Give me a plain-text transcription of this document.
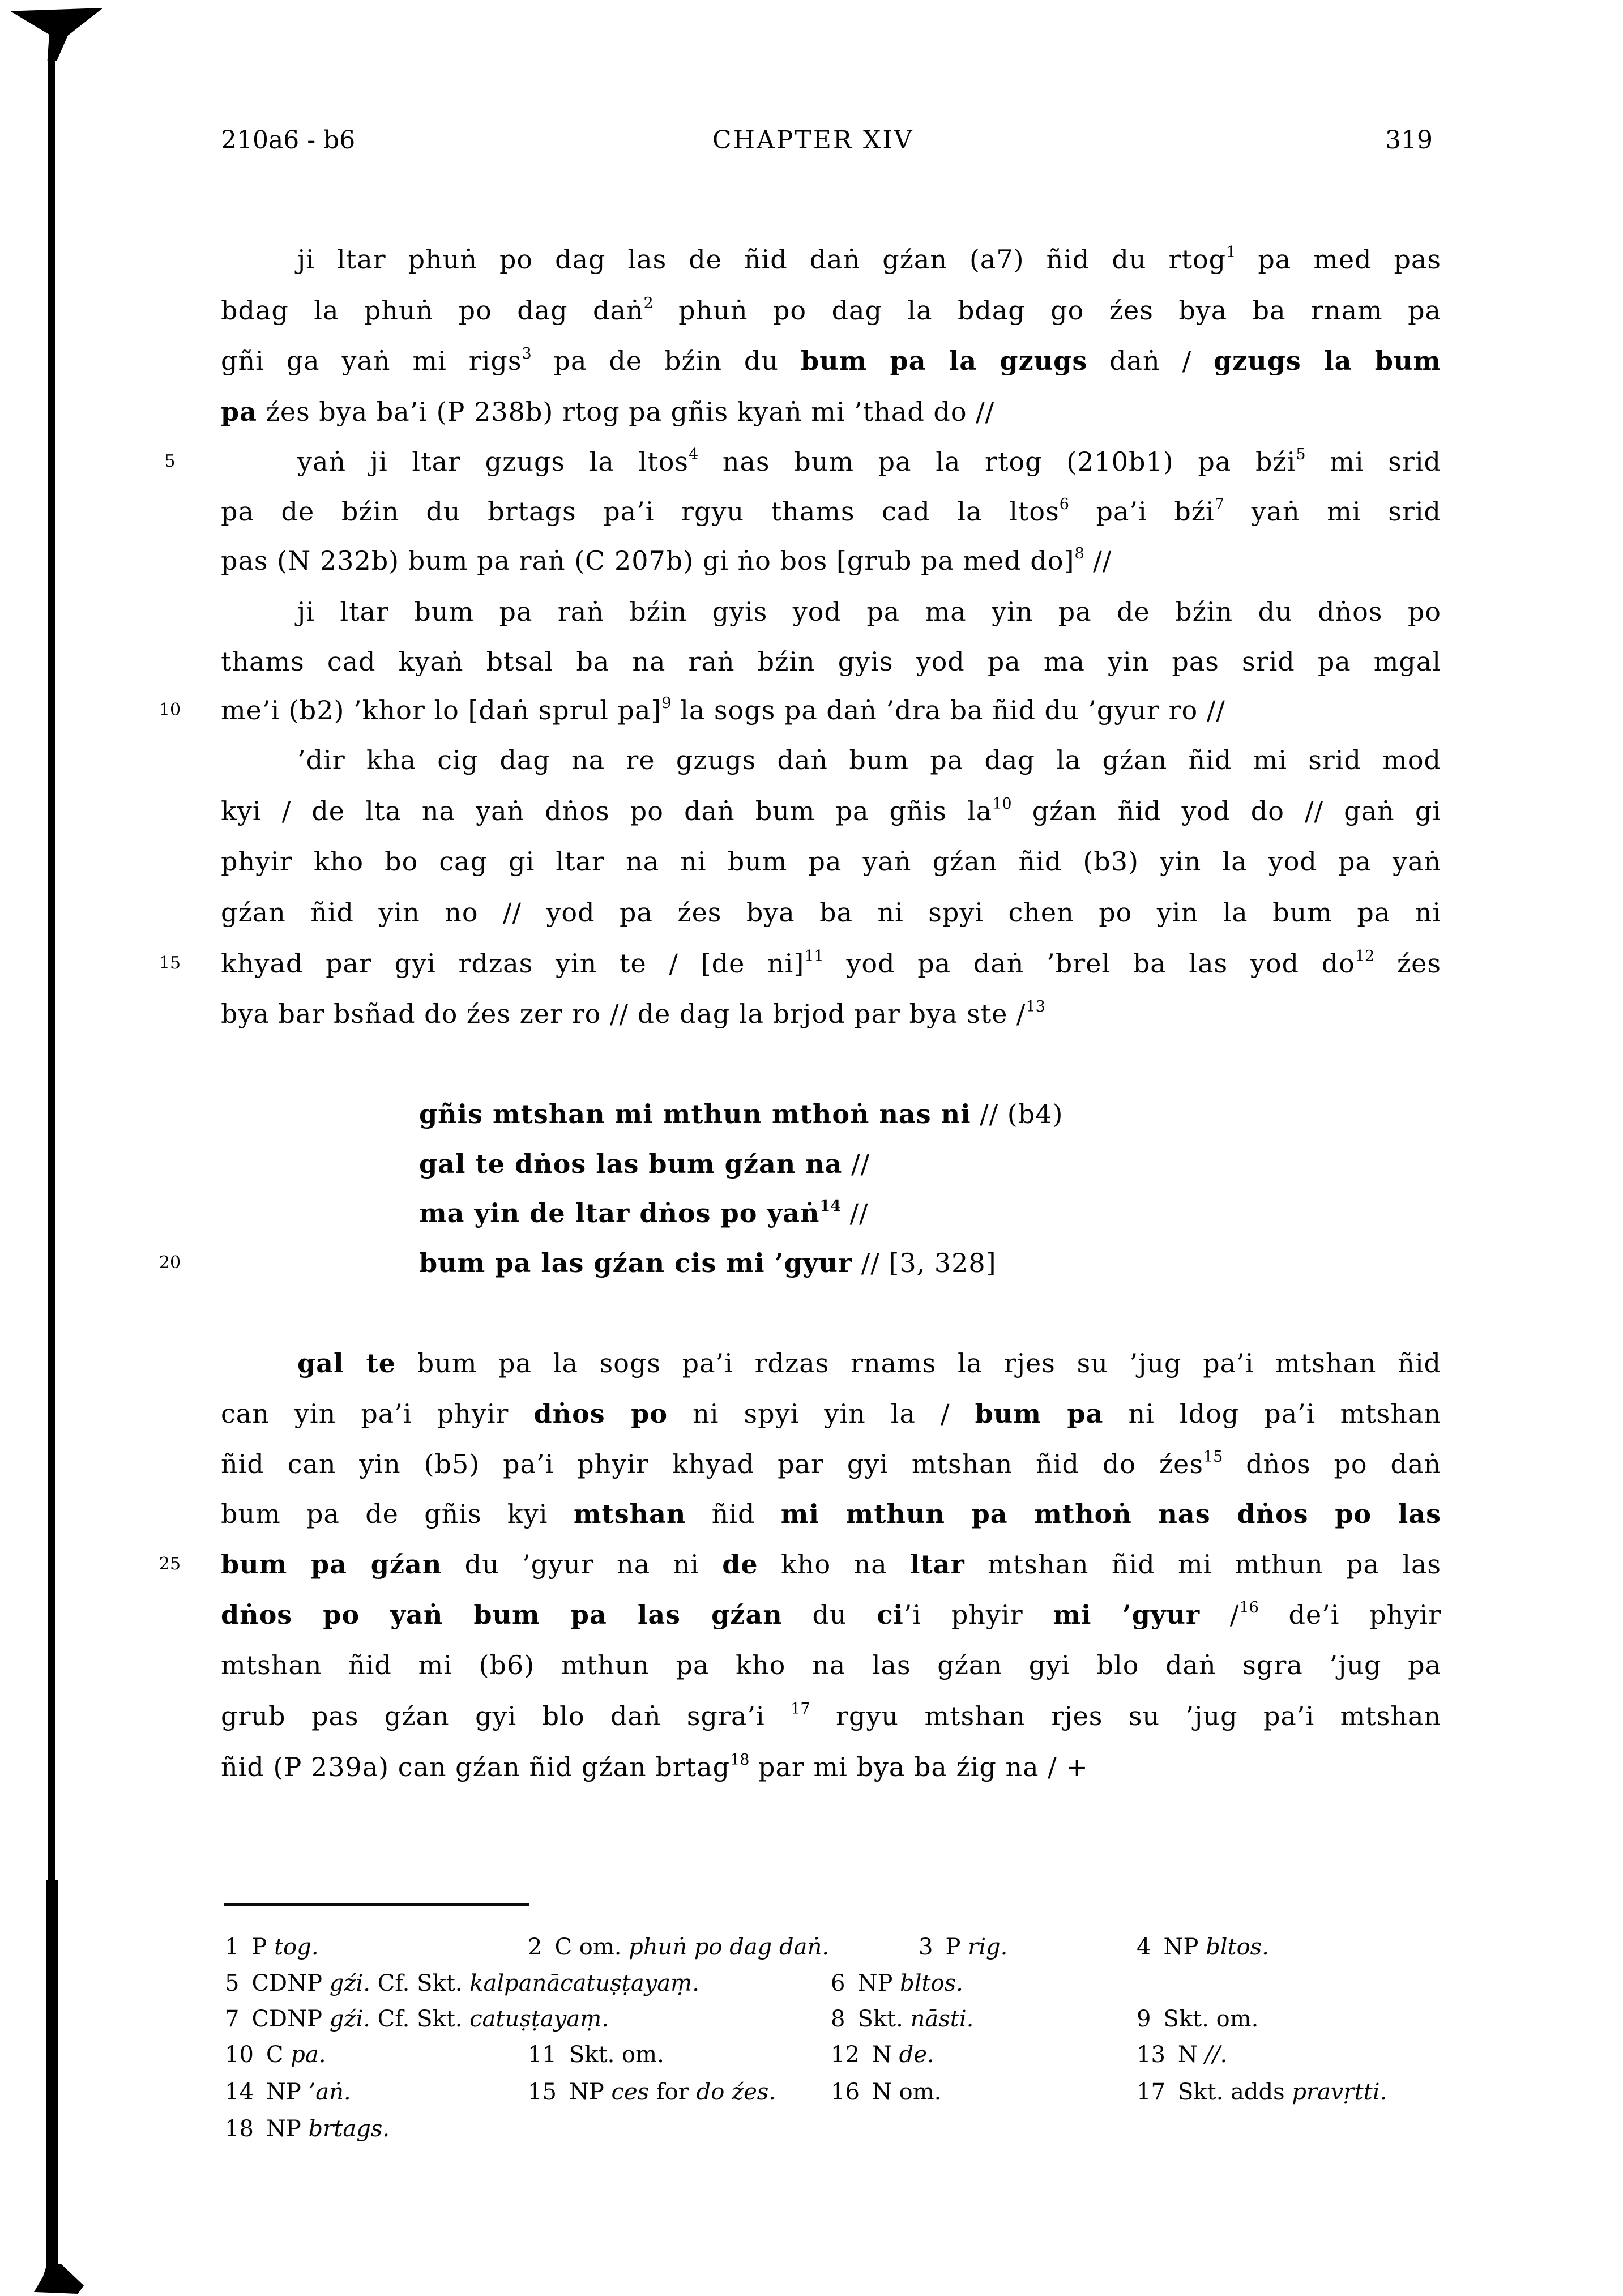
210a6 - b6	CHAPTER XIV	319
5
10
15
20
25
ji ltar phuṅ po dag las de ñid daṅ gźan (a7) ñid du rtog$^1$ pa med pas
bdag la phuṅ po dag daṅ$^2$ phuṅ po dag la bdag go źes bya ba rnam pa
gñi ga yaṅ mi rigs$^3$ pa de bźin du bum pa la gzugs daṅ / gzugs la bum
pa źes bya ba’i (P 238b) rtog pa gñis kyaṅ mi ’thad do //
yaṅ ji ltar gzugs la ltos$^4$ nas bum pa la rtog (210b1) pa bźi$^5$ mi srid
pa de bźin du brtags pa’i rgyu thams cad la ltos$^6$ pa’i bźi$^7$ yaṅ mi srid
pas (N 232b) bum pa raṅ (C 207b) gi ṅo bos [grub pa med do]$^8$ //
ji ltar bum pa raṅ bźin gyis yod pa ma yin pa de bźin du dṅos po
thams cad kyaṅ btsal ba na raṅ bźin gyis yod pa ma yin pas srid pa mgal
me’i (b2) ’khor lo [daṅ sprul pa]$^9$ la sogs pa daṅ ’dra ba ñid du ’gyur ro //
’dir kha cig dag na re gzugs daṅ bum pa dag la gźan ñid mi srid mod
kyi / de lta na yaṅ dṅos po daṅ bum pa gñis $la^{10}$ gźan ñid yod do // gaṅ gi
phyir kho bo cag gi ltar na ni bum pa yaṅ gźan ñid (b3) yin la yod pa yaṅ
gźan ñid yin no // yod pa źes bya ba ni spyi chen po yin la bum pa ni
khyad par gyi rdzas yin te / [de ni]$^{11}$ yod pa daṅ ’brel ba las yod $do^{12}$ źes
bya bar bsñad do źes zer ro // de dag la brjod par bya ste /$^{13}$
gñis mtshan mi mthun mthoṅ nas ni // (b4)
gal te dṅos las bum gźan na //
ma yin de ltar dṅos po yaṅ$^{14}$ //
bum pa las gźan cis mi ’gyur // [3, 328]
gal te bum pa la sogs pa’i rdzas rnams la rjes su ’jug pa’i mtshan ñid
can yin pa’i phyir dṅos po ni spyi yin la / bum pa ni ldog pa’i mtshan
ñid can yin (b5) pa’i phyir khyad par gyi mtshan ñid do źes$^{15}$ dṅos po daṅ
bum pa de gñis kyi mtshan ñid mi mthun pa mthoṅ nas dṅos po las
bum pa gźan du ’gyur na ni de kho na ltar mtshan ñid mi mthun pa las
dṅos po yaṅ bum pa las gźan du ci’i phyir mi ’gyur /$^{16}$ de’i phyir
mtshan ñid mi (b6) mthun pa kho na las gźan gyi blo daṅ sgra ’jug pa
grub pas gźan gyi blo daṅ sgra’i $^{17}$ rgyu mtshan rjes su ’jug pa’i mtshan
ñid (P 239a) can gźan ñid gźan brtag$^{18}$ par mi bya ba źig na / +
1 P tog.	2 C om. phuṅ po dag daṅ.	3 P rig.	4 NP bltos.
5 CDNP gźi. Cf. Skt. kalpanācatuṣṭayaṃ.	6 NP bltos.
7 CDNP gźi. Cf. Skt. catuṣṭayaṃ.	8 Skt. nāsti.	9 Skt. om.
10 C pa.	11 Skt. om.	12 N de.	13 N //.
14 NP ’aṅ.	15 NP ces for do źes. 16 N om.	17 Skt. adds pravṛtti.
18 NP brtags.
